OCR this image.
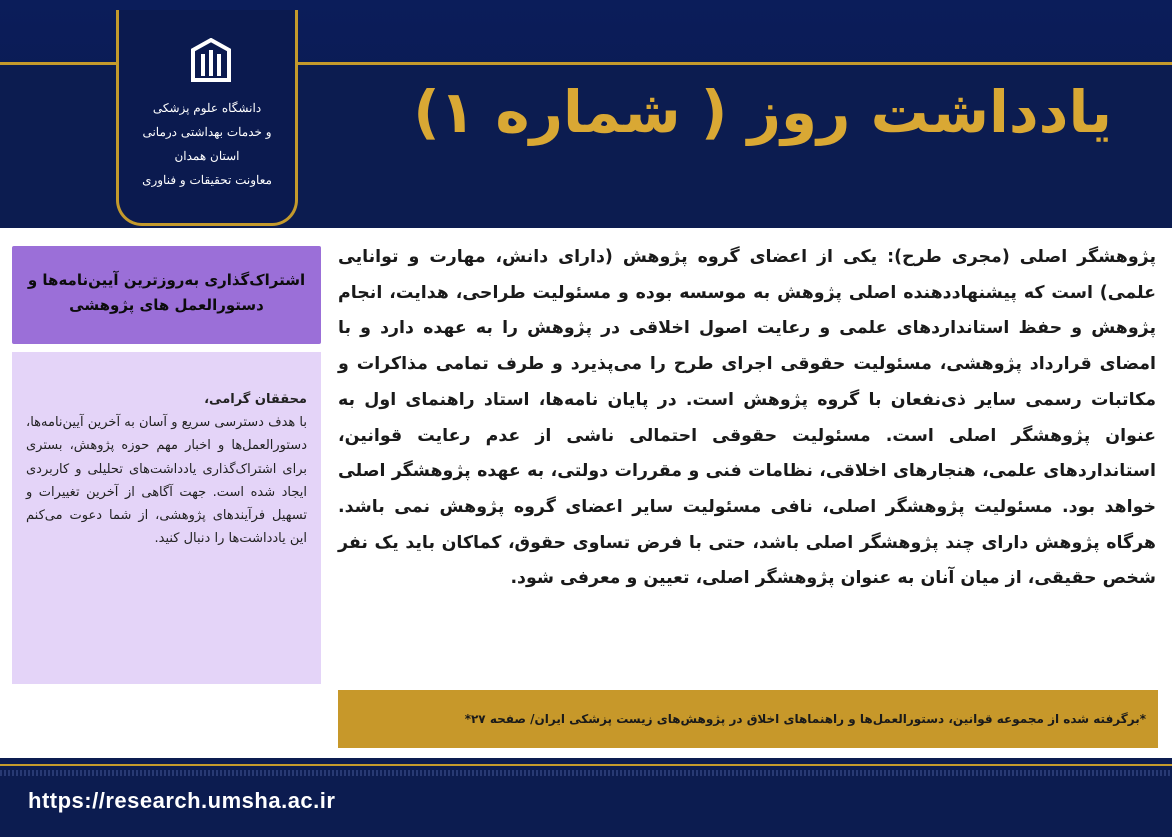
یادداشت روز ( شماره ۱)
دانشگاه علوم پزشکی
و خدمات بهداشتی درمانی استان همدان
معاونت تحقیقات و فناوری
اشتراک‌گذاری به‌روزترین آیین‌نامه‌ها و دستورالعمل های پژوهشی
محققان گرامی،
با هدف دسترسی سریع و آسان به آخرین آیین‌نامه‌ها، دستورالعمل‌ها و اخبار مهم حوزه پژوهش، بستری برای اشتراک‌گذاری یادداشت‌های تحلیلی و کاربردی ایجاد شده است. جهت آگاهی از آخرین تغییرات و تسهیل فرآیندهای پژوهشی، از شما دعوت می‌کنم این یادداشت‌ها را دنبال کنید.
پژوهشگر اصلی (مجری طرح): یکی از اعضای گروه پژوهش (دارای دانش، مهارت و توانایی علمی) است که پیشنهاددهنده اصلی پژوهش به موسسه بوده و مسئولیت طراحی، هدایت، انجام پژوهش و حفظ استانداردهای علمی و رعایت اصول اخلاقی در پژوهش را به عهده دارد و با امضای قرارداد پژوهشی، مسئولیت حقوقی اجرای طرح را می‌پذیرد و طرف تمامی مذاکرات و مکاتبات رسمی سایر ذی‌نفعان با گروه پژوهش است. در پایان نامه‌ها، استاد راهنمای اول به عنوان پژوهشگر اصلی است. مسئولیت حقوقی احتمالی ناشی از عدم رعایت قوانین، استانداردهای علمی، هنجارهای اخلاقی، نظامات فنی و مقررات دولتی، به عهده پژوهشگر اصلی خواهد بود. مسئولیت پژوهشگر اصلی، نافی مسئولیت سایر اعضای گروه پژوهش نمی باشد. هرگاه پژوهش دارای چند پژوهشگر اصلی باشد، حتی با فرض تساوی حقوق، کماکان باید یک نفر شخص حقیقی، از میان آنان به عنوان پژوهشگر اصلی، تعیین و معرفی شود.
*برگرفته شده از مجموعه قوانین، دستورالعمل‌ها و راهنماهای اخلاق در پژوهش‌های زیست پزشکی ایران/ صفحه ۲۷*
https://research.umsha.ac.ir
